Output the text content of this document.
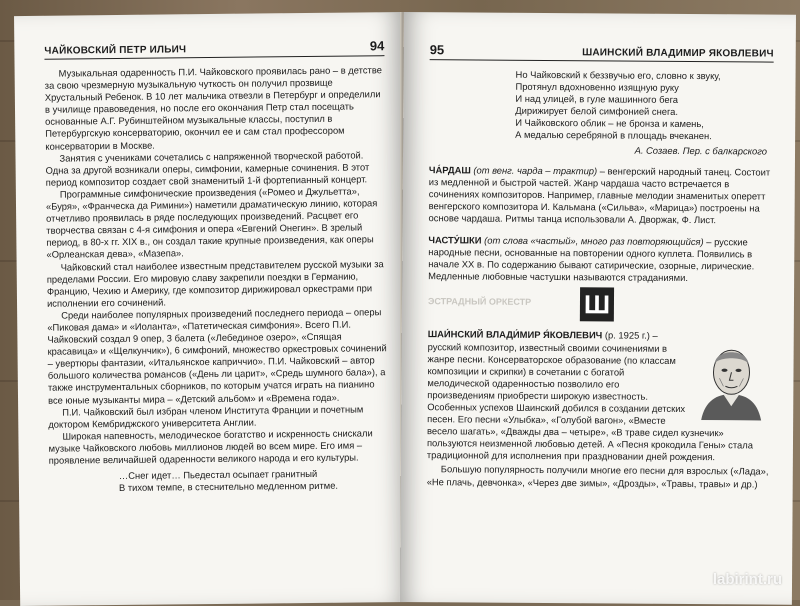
ЧАЙКОВСКИЙ ПЕТР ИЛЬИЧ	94

Музыкальная одаренность П.И. Чайковского проявилась рано – в детстве за свою чрезмерную музыкальную чуткость он получил прозвище Хрустальный Ребенок. В 10 лет мальчика отвезли в Петербург и определили в училище правоведения, но после его окончания Петр стал посещать основанные А.Г. Рубинштейном музыкальные классы, поступил в Петербургскую консерваторию, окончил ее и сам стал профессором консерватории в Москве.

Занятия с учениками сочетались с напряженной творческой работой. Одна за другой возникали оперы, симфонии, камерные сочинения. В этот период композитор создает свой знаменитый 1-й фортепианный концерт.

Программные симфонические произведения («Ромео и Джульетта», «Буря», «Франческа да Римини») наметили драматическую линию, которая отчетливо проявилась в ряде последующих произведений. Расцвет его творчества связан с 4-я симфония и опера «Евгений Онегин». В зрелый период, в 80-х гг. XIX в., он создал такие крупные произведения, как оперы «Орлеанская дева», «Мазепа».

Чайковский стал наиболее известным представителем русской музыки за пределами России. Его мировую славу закрепили поездки в Германию, Францию, Чехию и Америку, где композитор дирижировал оркестрами при исполнении его сочинений.

Среди наиболее популярных произведений последнего периода – оперы «Пиковая дама» и «Иоланта», «Патетическая симфония». Всего П.И. Чайковский создал 9 опер, 3 балета («Лебединое озеро», «Спящая красавица» и «Щелкунчик»), 6 симфоний, множество оркестровых сочинений – увертюры фантазии, «Итальянское каприччио». П.И. Чайковский – автор большого количества романсов («День ли царит», «Средь шумного бала»), а также инструментальных сборников, по которым учатся играть на пианино все юные музыканты мира – «Детский альбом» и «Времена года».

П.И. Чайковский был избран членом Института Франции и почетным доктором Кембриджского университета Англии.

Широкая напевность, мелодическое богатство и искренность снискали музыке Чайковского любовь миллионов людей во всем мире. Его имя – проявление величайшей одаренности великого народа и его культуры.

…Снег идет… Пьедестал осыпает гранитный
В тихом темпе, в стеснительно медленном ритме.
95	ШАИНСКИЙ ВЛАДИМИР ЯКОВЛЕВИЧ
Но Чайковский к беззвучью его, словно к звуку,
Протянул вдохновенно изящную руку
И над улицей, в гуле машинного бега
Дирижирует белой симфонией снега.
И Чайковского облик – не бронза и камень,
А медалью серебряной в площадь вчеканен.
А. Созаев. Пер. с балкарского
ЧА́РДАШ (от венг. чарда – трактир) – венгерский народный танец. Состоит из медленной и быстрой частей. Жанр чардаша часто встречается в сочинениях композиторов. Например, главные мелодии знаменитых оперетт венгерского композитора И. Кальмана («Сильва», «Марица») построены на основе чардаша. Ритмы танца использовали А. Дворжак, Ф. Лист.
ЧАСТУ́ШКИ (от слова «частый», много раз повторяющийся) – русские народные песни, основанные на повторении одного куплета. Появились в начале XX в. По содержанию бывают сатирические, озорные, лирические. Медленные любовные частушки называются страданиями.
ЭСТРАДНЫЙ ОРКЕСТР Ш
ШАИ́НСКИЙ ВЛАДИ́МИР Я́КОВЛЕВИЧ (р. 1925 г.) – русский композитор, известный своими сочинениями в жанре песни. Консерваторское образование (по классам композиции и скрипки) в сочетании с богатой мелодической одаренностью позволило его произведениям приобрести широкую известность. Особенных успехов Шаинский добился в создании детских песен. Его песни «Улыбка», «Голубой вагон», «Вместе весело шагать», «Дважды два – четыре», «В траве сидел кузнечик» пользуются неизменной любовью детей. А «Песня крокодила Гены» стала традиционной для исполнения при праздновании дней рождения.

Большую популярность получили многие его песни для взрослых («Лада», «Не плачь, девчонка», «Через две зимы», «Дрозды», «Травы, травы» и др.)

labirint.ru
